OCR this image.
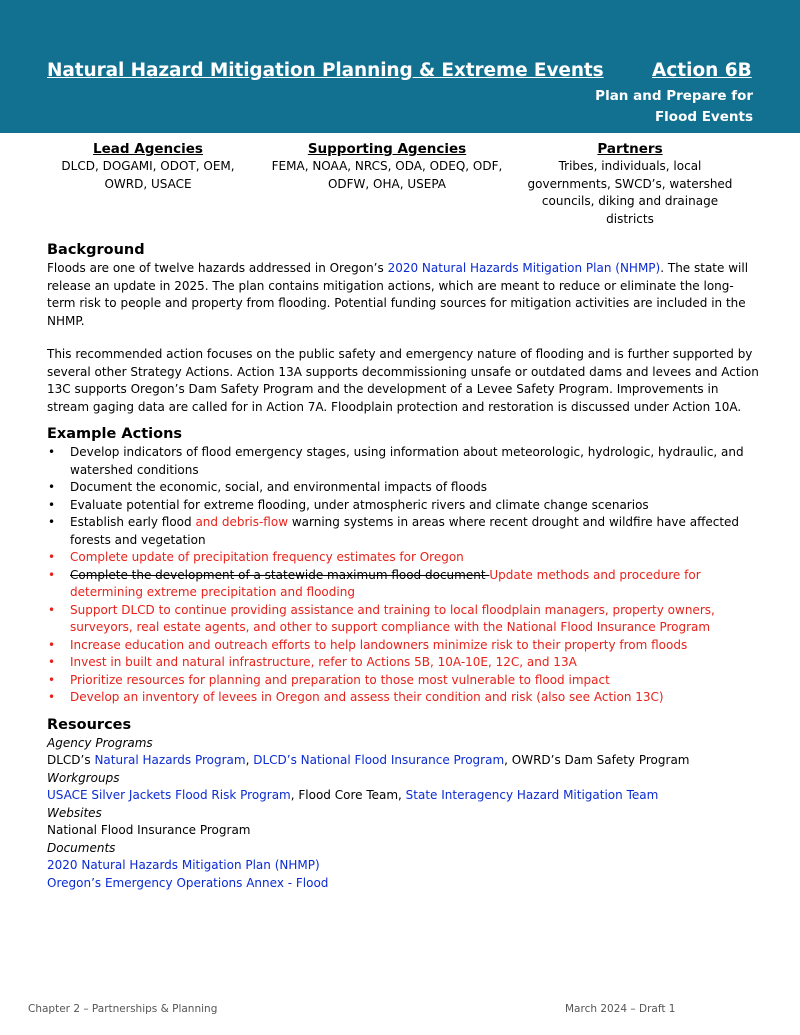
Natural Hazard Mitigation Planning & Extreme Events	Action 6B
Plan and Prepare for
Flood Events
Lead Agencies
DLCD, DOGAMI, ODOT, OEM, OWRD, USACE
Supporting Agencies
FEMA, NOAA, NRCS, ODA, ODEQ, ODF, ODFW, OHA, USEPA
Partners
Tribes, individuals, local governments, SWCD’s, watershed councils, diking and drainage districts
Background

Floods are one of twelve hazards addressed in Oregon’s 2020 Natural Hazards Mitigation Plan (NHMP). The state will release an update in 2025. The plan contains mitigation actions, which are meant to reduce or eliminate the long-term risk to people and property from flooding. Potential funding sources for mitigation activities are included in the NHMP.

This recommended action focuses on the public safety and emergency nature of flooding and is further supported by several other Strategy Actions. Action 13A supports decommissioning unsafe or outdated dams and levees and Action 13C supports Oregon’s Dam Safety Program and the development of a Levee Safety Program. Improvements in stream gaging data are called for in Action 7A. Floodplain protection and restoration is discussed under Action 10A.

Example Actions
• Develop indicators of flood emergency stages, using information about meteorologic, hydrologic, hydraulic, and watershed conditions
• Document the economic, social, and environmental impacts of floods
• Evaluate potential for extreme flooding, under atmospheric rivers and climate change scenarios
• Establish early flood and debris-flow warning systems in areas where recent drought and wildfire have affected forests and vegetation
• Complete update of precipitation frequency estimates for Oregon
• Complete the development of a statewide maximum flood document Update methods and procedure for determining extreme precipitation and flooding
• Support DLCD to continue providing assistance and training to local floodplain managers, property owners, surveyors, real estate agents, and other to support compliance with the National Flood Insurance Program
• Increase education and outreach efforts to help landowners minimize risk to their property from floods
• Invest in built and natural infrastructure, refer to Actions 5B, 10A-10E, 12C, and 13A
• Prioritize resources for planning and preparation to those most vulnerable to flood impact
• Develop an inventory of levees in Oregon and assess their condition and risk (also see Action 13C)
Resources

Agency Programs

DLCD’s Natural Hazards Program, DLCD’s National Flood Insurance Program, OWRD’s Dam Safety Program

Workgroups

USACE Silver Jackets Flood Risk Program, Flood Core Team, State Interagency Hazard Mitigation Team

Websites

National Flood Insurance Program

Documents

2020 Natural Hazards Mitigation Plan (NHMP)

Oregon’s Emergency Operations Annex - Flood

Chapter 2 – Partnerships & Planning	March 2024 – Draft 1
